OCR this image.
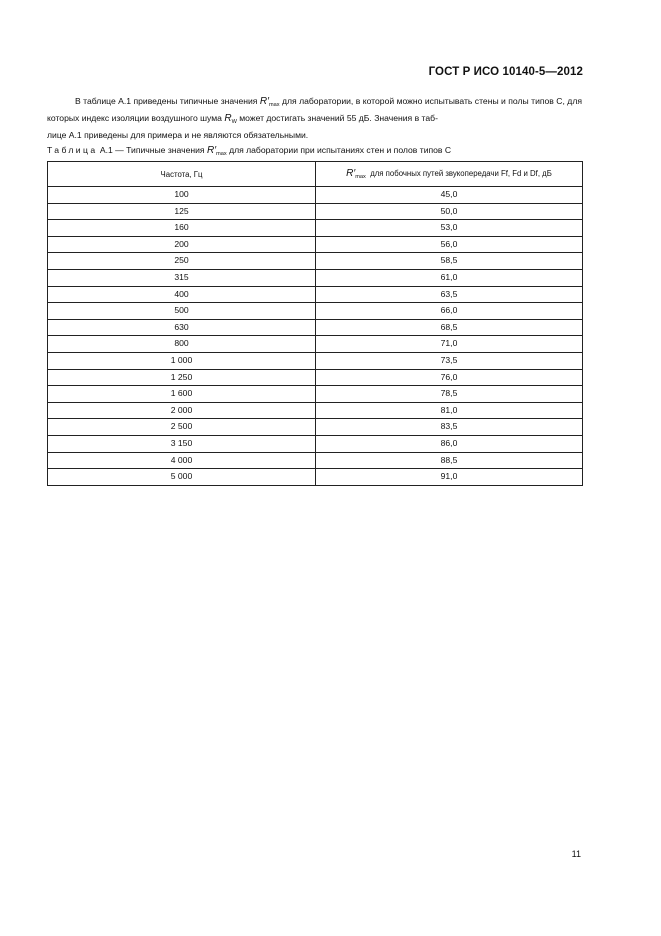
ГОСТ Р ИСО 10140-5—2012

В таблице А.1 приведены типичные значения $R'_{max}$ для лаборатории, в которой можно испытывать стены и полы типов С, для которых индекс изоляции воздушного шума $R_W$ может достигать значений 55 дБ. Значения в таб-
лице А.1 приведены для примера и не являются обязательными.

Таблица А.1 — Типичные значения $R'_{max}$ для лаборатории при испытаниях стен и полов типов С
Частота, Гц	$R'_{max}$ для побочных путей звукопередачи Ff, Fd и Df, дБ
100	45,0
125	50,0
160	53,0
200	56,0
250	58,5
315	61,0
400	63,5
500	66,0
630	68,5
800	71,0
1 000	73,5
1 250	76,0
1 600	78,5
2 000	81,0
2 500	83,5
3 150	86,0
4 000	88,5
5 000	91,0
11
